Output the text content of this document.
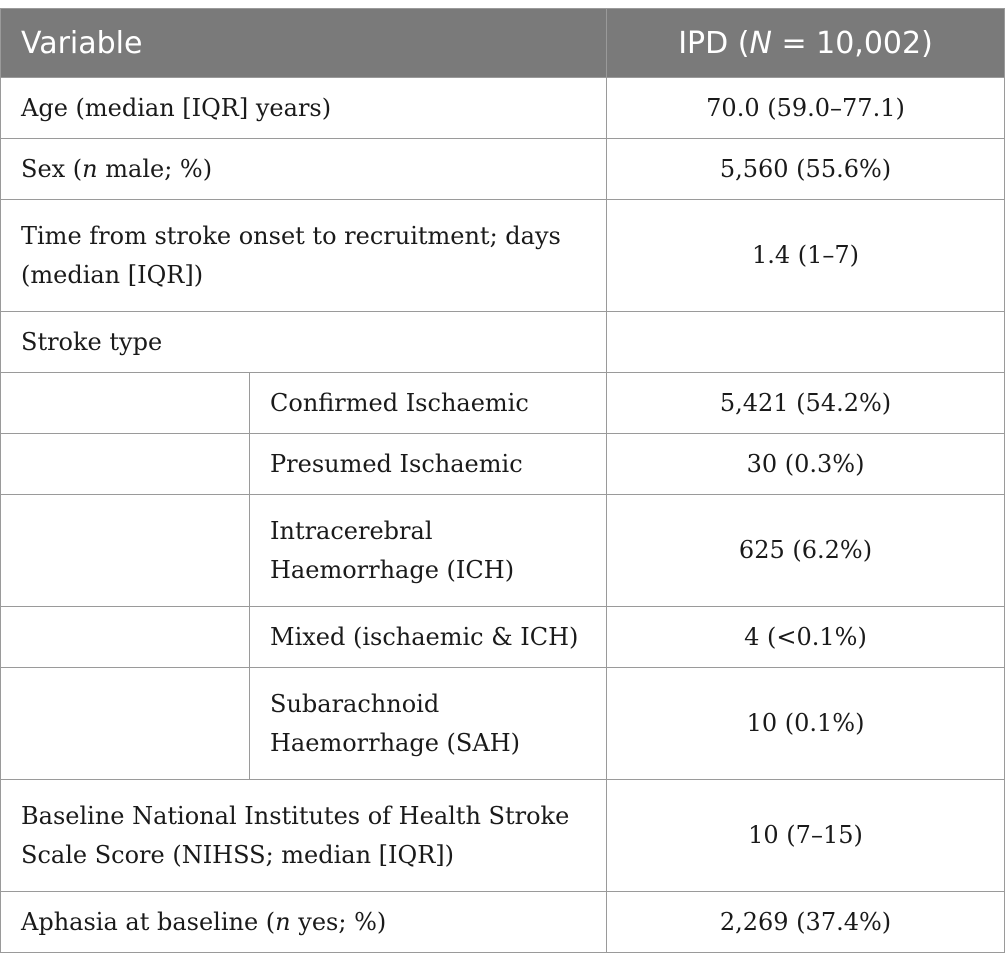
Variable		IPD (N = 10,002)
Age (median [IQR] years)		70.0 (59.0–77.1)
Sex (n male; %)		5,560 (55.6%)
Time from stroke onset to recruitment; days (median [IQR])		1.4 (1–7)
Stroke type		
	Confirmed Ischaemic	5,421 (54.2%)
	Presumed Ischaemic	30 (0.3%)
	Intracerebral Haemorrhage (ICH)	625 (6.2%)
	Mixed (ischaemic & ICH)	4 (<0.1%)
	Subarachnoid Haemorrhage (SAH)	10 (0.1%)
Baseline National Institutes of Health Stroke Scale Score (NIHSS; median [IQR])		10 (7–15)
Aphasia at baseline (n yes; %)		2,269 (37.4%)
